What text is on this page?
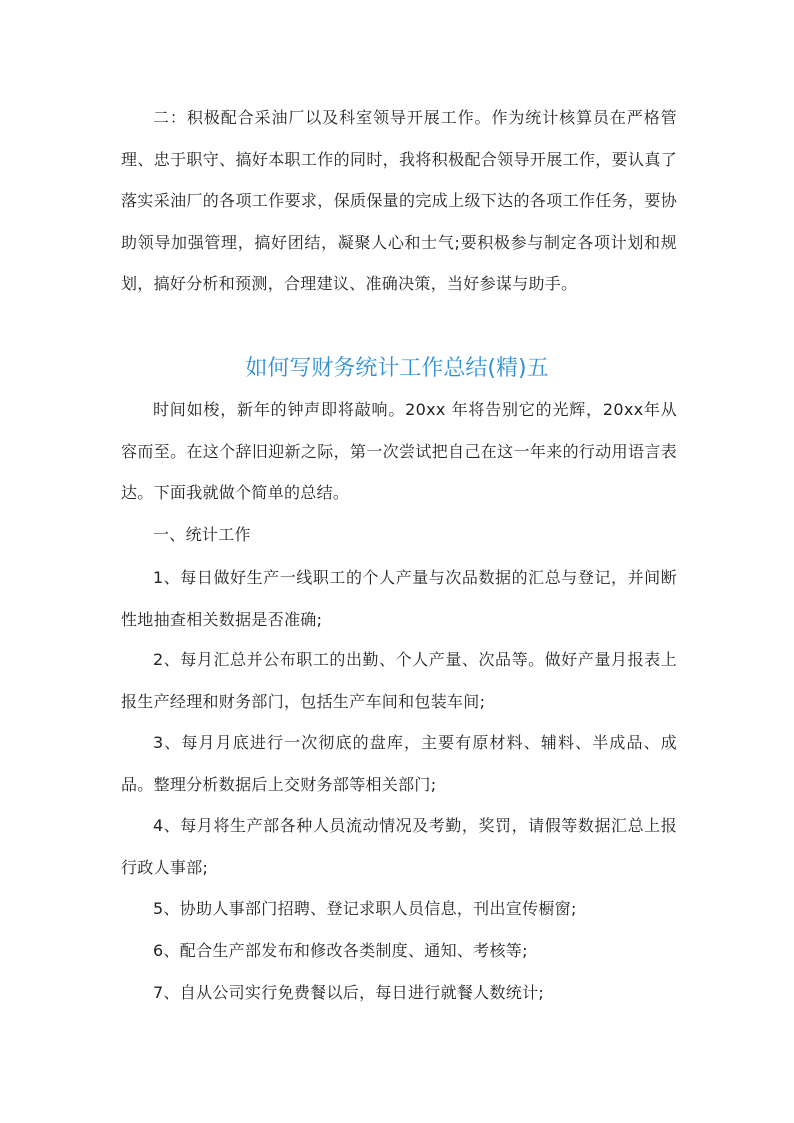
二：积极配合采油厂以及科室领导开展工作。作为统计核算员在严格管理、忠于职守、搞好本职工作的同时，我将积极配合领导开展工作，要认真了落实采油厂的各项工作要求，保质保量的完成上级下达的各项工作任务，要协助领导加强管理，搞好团结，凝聚人心和士气;要积极参与制定各项计划和规划，搞好分析和预测，合理建议、准确决策，当好参谋与助手。

如何写财务统计工作总结(精)五

时间如梭，新年的钟声即将敲响。20xx 年将告别它的光辉，20xx年从容而至。在这个辞旧迎新之际，第一次尝试把自己在这一年来的行动用语言表达。下面我就做个简单的总结。

一、统计工作

1、每日做好生产一线职工的个人产量与次品数据的汇总与登记，并间断性地抽查相关数据是否准确;

2、每月汇总并公布职工的出勤、个人产量、次品等。做好产量月报表上报生产经理和财务部门，包括生产车间和包装车间;

3、每月月底进行一次彻底的盘库，主要有原材料、辅料、半成品、成品。整理分析数据后上交财务部等相关部门;

4、每月将生产部各种人员流动情况及考勤，奖罚，请假等数据汇总上报行政人事部;

5、协助人事部门招聘、登记求职人员信息，刊出宣传橱窗;

6、配合生产部发布和修改各类制度、通知、考核等;

7、自从公司实行免费餐以后，每日进行就餐人数统计;
